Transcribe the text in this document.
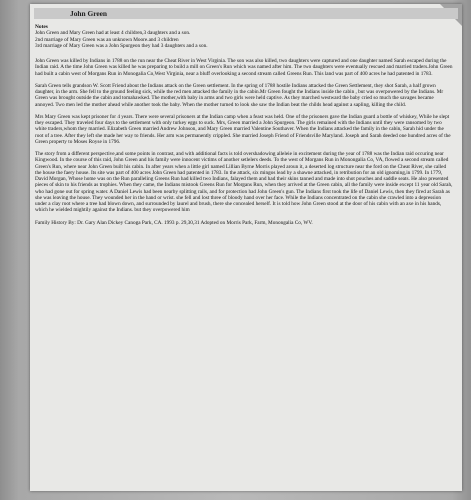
John Green

Notes
John Green and Mary Green had at least 4 children,3 daughters and a son.
2nd marriage of Mary Green was an unknown Moore.and 3 children
3rd marriage of Mary Green was a John Spurgeon they had 3 daughters and a son.

John Green was killed by Indians in 1788 on the run near the Cheat River in West Virginia. The son was also killed, two daughters were captured and one daughter named Sarah escaped during the Indian raid. A the time John Green was killed he was preparing to build a mill on Green's Run which was named after him. The two daughters were eventually rescued and married traders.John Green had built a cabin west of Morgans Run in Monogalia Co,West Virginia, near a bluff overlooking a second stream called Greens Run. This land was part of 400 acres he had patented in 1783.

Sarah Green tells grandson W. Scott Friend about the Indians attack on the Green settlement. In the spring of 1788 hostile Indians attacked the Green Settlement, they shot Sarah, a half grown daughter, in the arm. She fell to the ground feeling sick, while the red men attacked the family in the cabin.Mr Green fought the Indians inside the cabin , but was overpowered by the Indians. Mr Green was brought outside the cabin and tomahawked. The mother,with baby in arms and two girls were held captive. As they marched westward the baby cried so much the savages became annoyed. Two men led the mother ahead while another took the baby. When the mother turned to look she saw the Indian beat the childs head against a sapling, killing the child.

Mrs Mary Green was kept prisoner for 4 years. There were several prisoners at the Indian camp when a feast was held. One of the prisoners gave the Indian guard a bottle of whiskey, While he slept they escaped. They traveled four days to the settlement with only turkey eggs to suck. Mrs, Green married a John Spurgeon. The girls remained with the Indians until they were ransomed by two white traders,whom they married. Elizabeth Green married Andrew Johnson, and Mary Green married Valentine Southaver. When the Indians attacked the family in the cabin, Sarah hid under the root of a tree. After they left she made her way to friends. Her arm was permanently crippled. She married Joseph Friend of Friendsville Maryland. Joseph and Sarah deeded one hundred acres of the Green property to Moses Royse in 1796.

The story from a different perspective,and some points in contrast, and with additional facts is told overshadowing alleleie in excitement during the year of 1788 was the Indian raid occuring near Kingwood. In the course of this raid, John Green and his family were innocent victims of another setlelers deeds. To the west of Morgans Run in Monongalia Co, VA, flowed a second stream called Green's Run, where near John Green built his cabin. In after years when a little girl named Lillian Byrne Morris played aroun it, a deserted log structure near the ford on the Cheat River, she called the house the faery house. Its site was part of 400 acres John Green had patented in 1783. In the attack, six mingos lead by a shawne attacked, in retribution for an old ignoming,in 1799. In 1779, David Morgan, Whose home was on the Run paralleling Greens Run had killed two Indians, falayed them and had their skins tanned and made into shot pouches and saddle seats. He also presented pieces of skin to his friends as trophies. When they came, the Indians mistook Greens Run for Morgans Run, when they arrived at the Green cabin, all the family were inside except 11 year old Sarah, who had gone out for spring water. A Daniel Lewis had been nearby splitting rails, and for protection had John Green's gun. The Indians first took the life of Daniel Lewis, then they fired at Sarah as she was leaving the house. They wounded her in the hand or wrist. she fell and lost three of bloody hand over her face. While the Indians concentrated on the cabin she crawled into a depression under a clay root where a tree had blown down, and surrounded by laurel and brush, there she concealed herself. It is told how John Green stood at the door of his cabin with an axe in his hands, which he wielded mightily against the Indians. but they overpowered him

Family History By: Dr. Gary Alan Dickey Canoga Park, CA. 1993 p. 29,30,31 Adopted on Morris Park, Farm, Monongalia Co, WV.
